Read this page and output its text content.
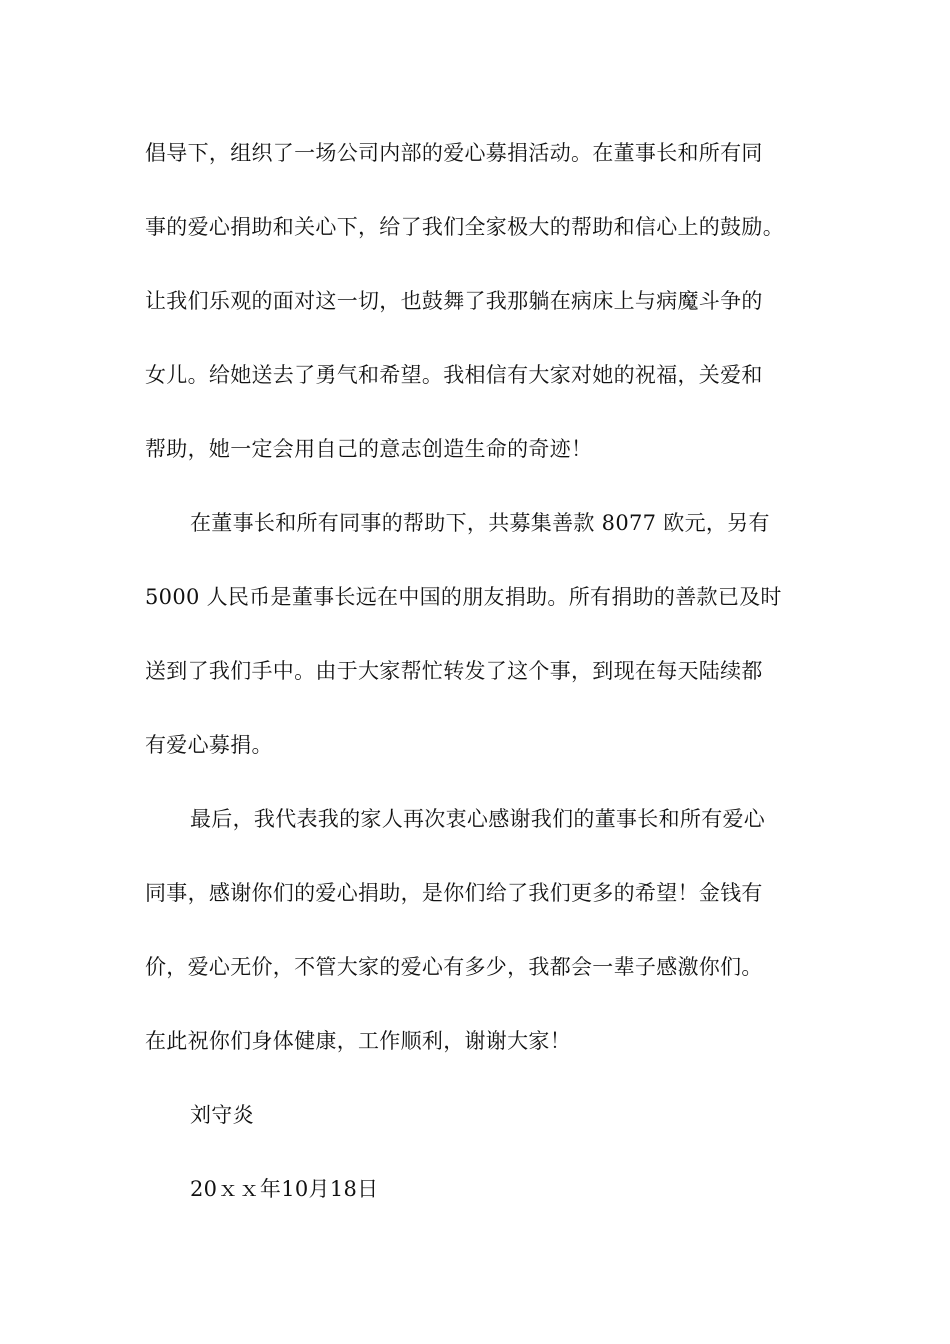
倡导下，组织了一场公司内部的爱心募捐活动。在董事长和所有同
事的爱心捐助和关心下，给了我们全家极大的帮助和信心上的鼓励。
让我们乐观的面对这一切，也鼓舞了我那躺在病床上与病魔斗争的
女儿。给她送去了勇气和希望。我相信有大家对她的祝福，关爱和
帮助，她一定会用自己的意志创造生命的奇迹！
在董事长和所有同事的帮助下，共募集善款 8077 欧元，另有
5000 人民币是董事长远在中国的朋友捐助。所有捐助的善款已及时
送到了我们手中。由于大家帮忙转发了这个事，到现在每天陆续都
有爱心募捐。
最后，我代表我的家人再次衷心感谢我们的董事长和所有爱心
同事，感谢你们的爱心捐助，是你们给了我们更多的希望！金钱有
价，爱心无价，不管大家的爱心有多少，我都会一辈子感激你们。
在此祝你们身体健康，工作顺利，谢谢大家！
刘守炎
20ｘｘ年10月18日
